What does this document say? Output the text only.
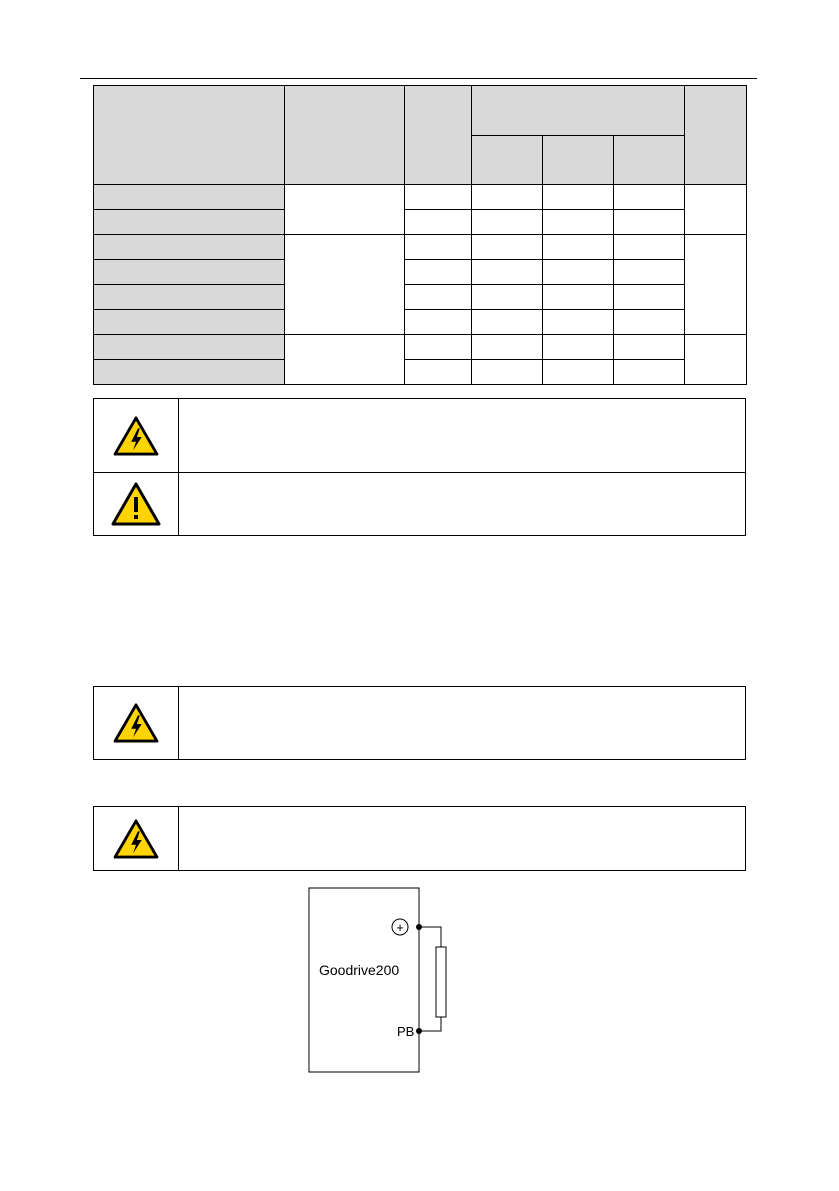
+
Goodrive200
PB
